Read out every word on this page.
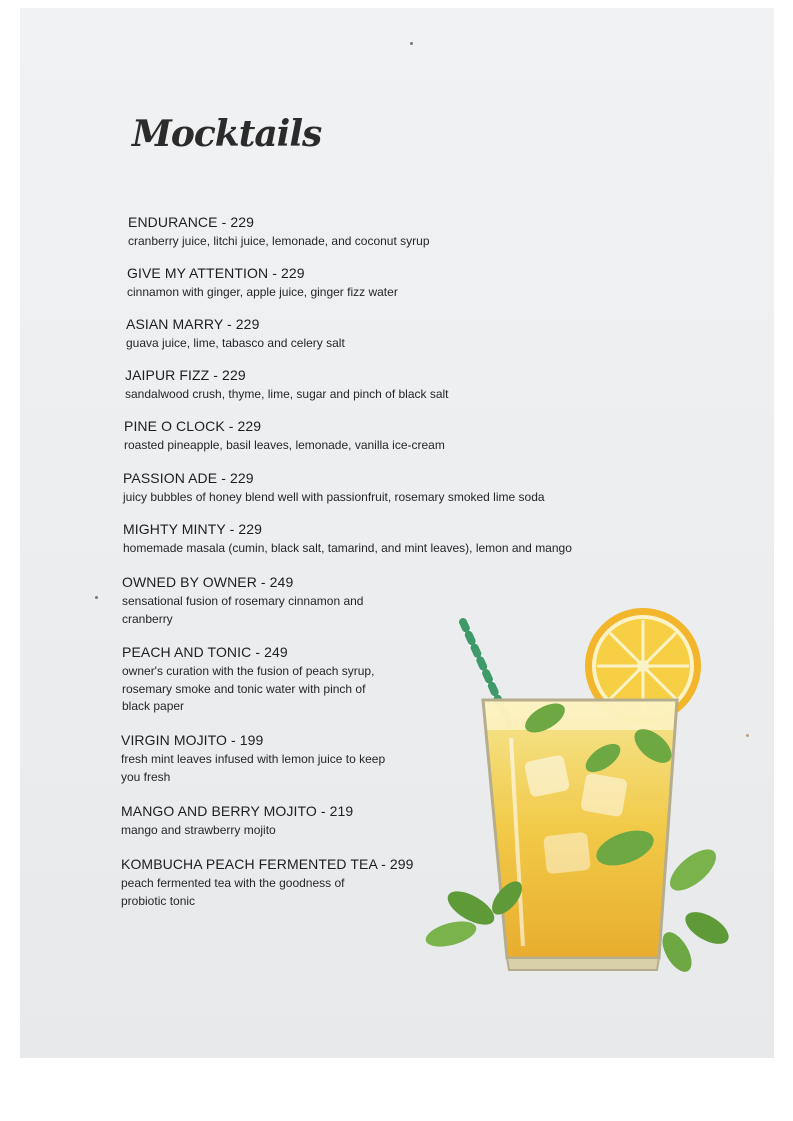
Mocktails
ENDURANCE - 229
cranberry juice, litchi juice, lemonade, and coconut syrup
GIVE MY ATTENTION - 229
cinnamon with ginger, apple juice, ginger fizz water
ASIAN MARRY - 229
guava juice, lime, tabasco and celery salt
JAIPUR FIZZ - 229
sandalwood crush, thyme, lime, sugar and pinch of black salt
PINE O CLOCK - 229
roasted pineapple, basil leaves, lemonade, vanilla ice-cream
PASSION ADE - 229
juicy bubbles of honey blend well with passionfruit, rosemary smoked lime soda
MIGHTY MINTY - 229
homemade masala (cumin, black salt, tamarind, and mint leaves), lemon and mango
OWNED BY OWNER - 249
sensational fusion of rosemary cinnamon and cranberry
PEACH AND TONIC - 249
owner's curation with the fusion of peach syrup, rosemary smoke and tonic water with pinch of black paper
VIRGIN MOJITO - 199
fresh mint leaves infused with lemon juice to keep you fresh
MANGO AND BERRY MOJITO - 219
mango and strawberry mojito
KOMBUCHA PEACH FERMENTED TEA - 299
peach fermented tea with the goodness of probiotic tonic
